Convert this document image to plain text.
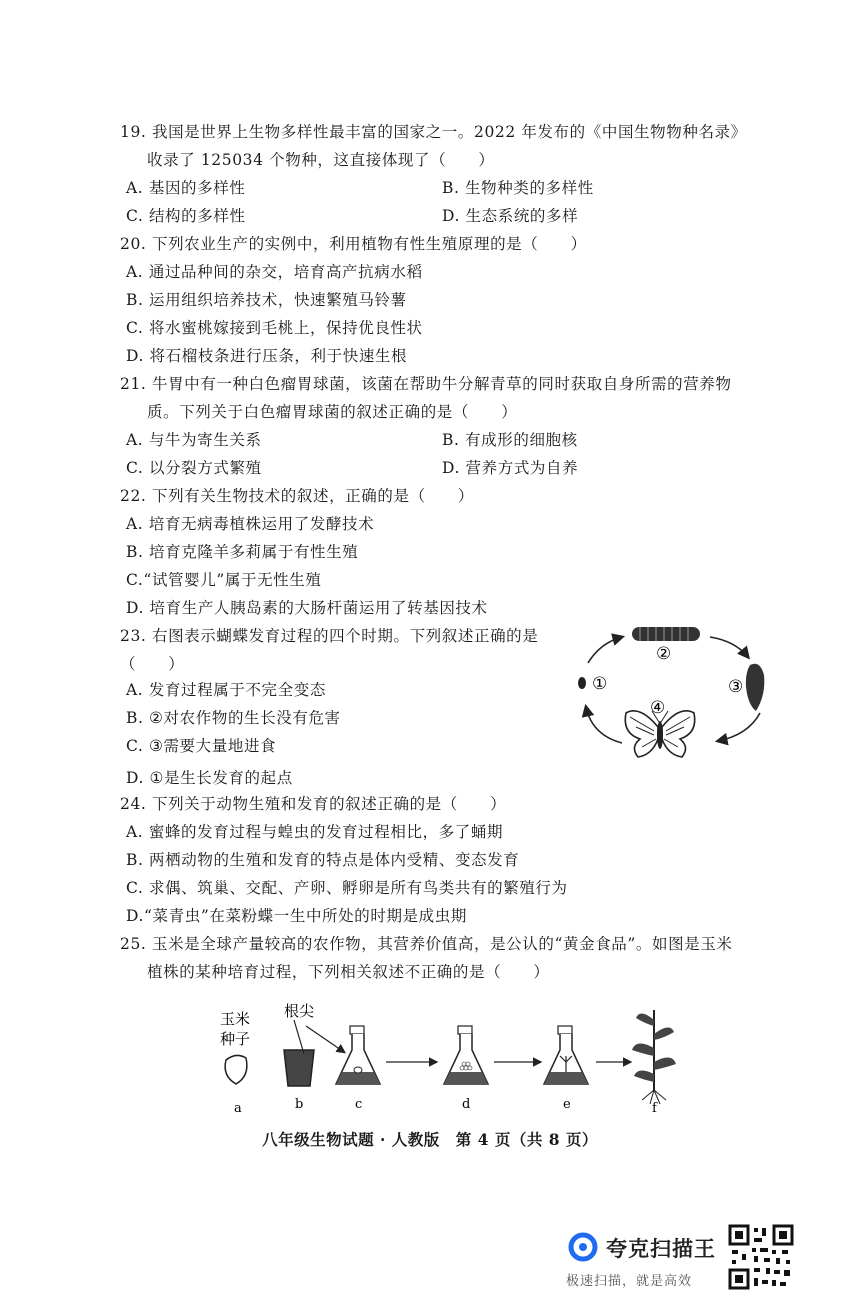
19. 我国是世界上生物多样性最丰富的国家之一。2022 年发布的《中国生物物种名录》
收录了 125034 个物种，这直接体现了（　　）
A. 基因的多样性	B. 生物种类的多样性
C. 结构的多样性	D. 生态系统的多样
20. 下列农业生产的实例中，利用植物有性生殖原理的是（　　）
A. 通过品种间的杂交，培育高产抗病水稻
B. 运用组织培养技术，快速繁殖马铃薯
C. 将水蜜桃嫁接到毛桃上，保持优良性状
D. 将石榴枝条进行压条，利于快速生根
21. 牛胃中有一种白色瘤胃球菌，该菌在帮助牛分解青草的同时获取自身所需的营养物
质。下列关于白色瘤胃球菌的叙述正确的是（　　）
A. 与牛为寄生关系	B. 有成形的细胞核
C. 以分裂方式繁殖	D. 营养方式为自养
22. 下列有关生物技术的叙述，正确的是（　　）
A. 培育无病毒植株运用了发酵技术
B. 培育克隆羊多莉属于有性生殖
C.“试管婴儿”属于无性生殖
D. 培育生产人胰岛素的大肠杆菌运用了转基因技术
23. 右图表示蝴蝶发育过程的四个时期。下列叙述正确的是
（　　）
A. 发育过程属于不完全变态
B. ②对农作物的生长没有危害
C. ③需要大量地进食
D. ①是生长发育的起点
①
②
③
④
24. 下列关于动物生殖和发育的叙述正确的是（　　）
A. 蜜蜂的发育过程与蝗虫的发育过程相比，多了蛹期
B. 两栖动物的生殖和发育的特点是体内受精、变态发育
C. 求偶、筑巢、交配、产卵、孵卵是所有鸟类共有的繁殖行为
D.“菜青虫”在菜粉蝶一生中所处的时期是成虫期
25. 玉米是全球产量较高的农作物，其营养价值高，是公认的“黄金食品”。如图是玉米
植株的某种培育过程，下列相关叙述不正确的是（　　）
玉米
种子
根尖
a	b	c	d	e	f
八年级生物试题 · 人教版　第 4 页（共 8 页）
夸克扫描王
极速扫描，就是高效
